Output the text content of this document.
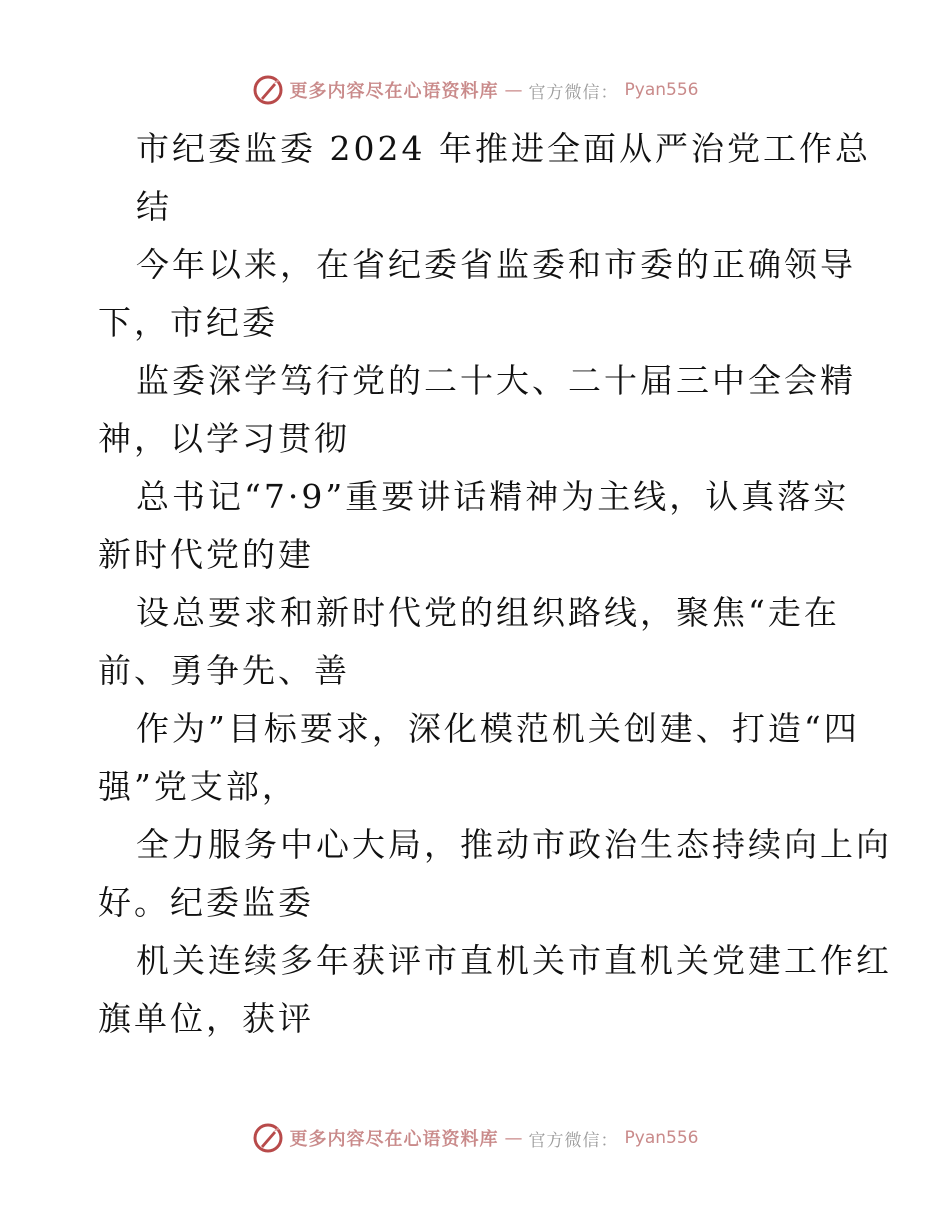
更多内容尽在心语资料库 — 官方微信： Pyan556
市纪委监委 2024 年推进全面从严治党工作总
结
今年以来，在省纪委省监委和市委的正确领导
下，市纪委
监委深学笃行党的二十大、二十届三中全会精
神，以学习贯彻
总书记“7·9”重要讲话精神为主线，认真落实
新时代党的建
设总要求和新时代党的组织路线，聚焦“走在
前、勇争先、善
作为”目标要求，深化模范机关创建、打造“四
强”党支部，
全力服务中心大局，推动市政治生态持续向上向
好。纪委监委
机关连续多年获评市直机关市直机关党建工作红
旗单位，获评
更多内容尽在心语资料库 — 官方微信： Pyan556
